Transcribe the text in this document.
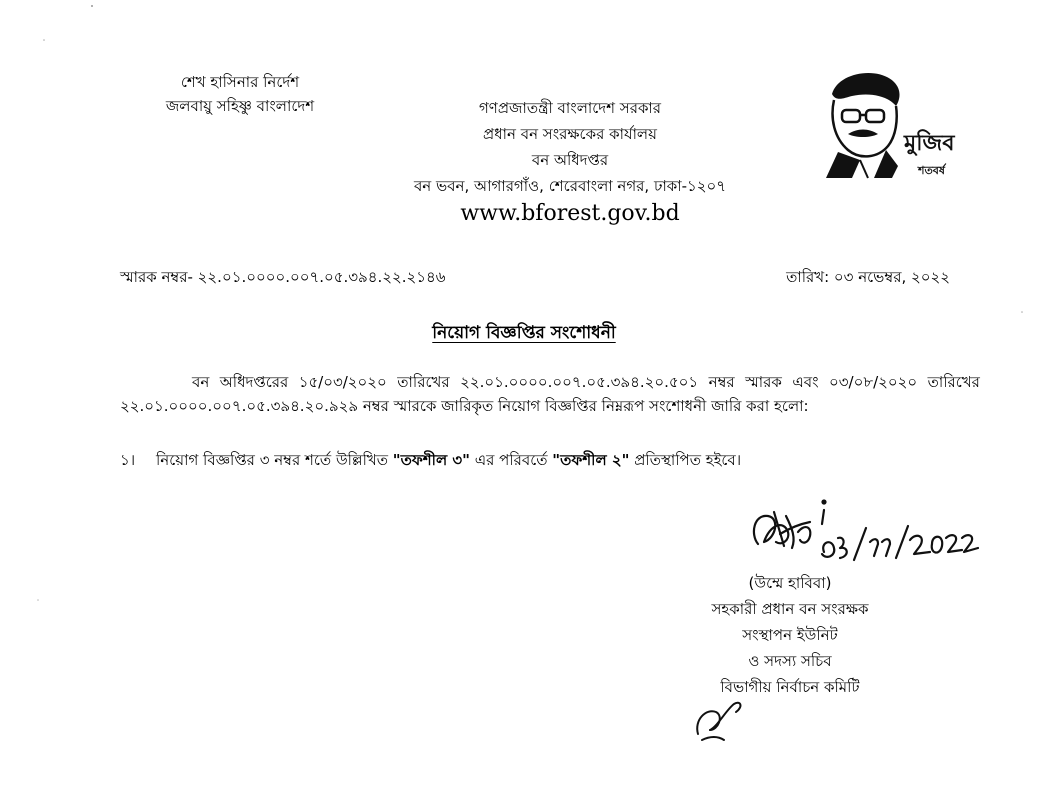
শেখ হাসিনার নির্দেশ
জলবায়ু সহিষ্ণু বাংলাদেশ	গণপ্রজাতন্ত্রী বাংলাদেশ সরকার
প্রধান বন সংরক্ষকের কার্যালয়
বন অধিদপ্তর
বন ভবন, আগারগাঁও, শেরেবাংলা নগর, ঢাকা-১২০৭
www.bforest.gov.bd
মুজিব
শতবর্ষ
স্মারক নম্বর- ২২.০১.০০০০.০০৭.০৫.৩৯৪.২২.২১৪৬	তারিখ: ০৩ নভেম্বর, ২০২২
নিয়োগ বিজ্ঞপ্তির সংশোধনী
বন অধিদপ্তরের ১৫/০৩/২০২০ তারিখের ২২.০১.০০০০.০০৭.০৫.৩৯৪.২০.৫০১ নম্বর স্মারক এবং ০৩/০৮/২০২০ তারিখের
২২.০১.০০০০.০০৭.০৫.৩৯৪.২০.৯২৯ নম্বর স্মারকে জারিকৃত নিয়োগ বিজ্ঞপ্তির নিম্নরূপ সংশোধনী জারি করা হলো:
১। নিয়োগ বিজ্ঞপ্তির ৩ নম্বর শর্তে উল্লিখিত "তফশীল ৩" এর পরিবর্তে "তফশীল ২" প্রতিস্থাপিত হইবে।
(উম্মে হাবিবা)
সহকারী প্রধান বন সংরক্ষক
সংস্থাপন ইউনিট
ও সদস্য সচিব
বিভাগীয় নির্বাচন কমিটি
